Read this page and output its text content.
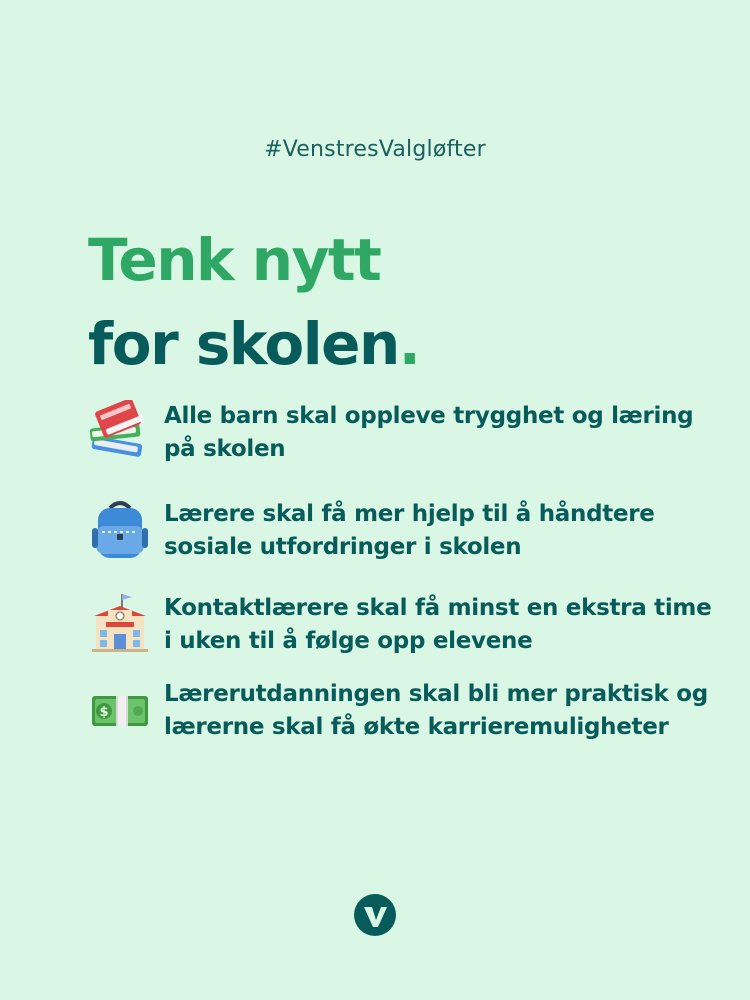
#VenstresValgløfter
Tenk nytt
for skolen.
Alle barn skal oppleve trygghet og læring på skolen
Lærere skal få mer hjelp til å håndtere sosiale utfordringer i skolen
Kontaktlærere skal få minst en ekstra time i uken til å følge opp elevene
$
Lærerutdanningen skal bli mer praktisk og lærerne skal få økte karrieremuligheter
